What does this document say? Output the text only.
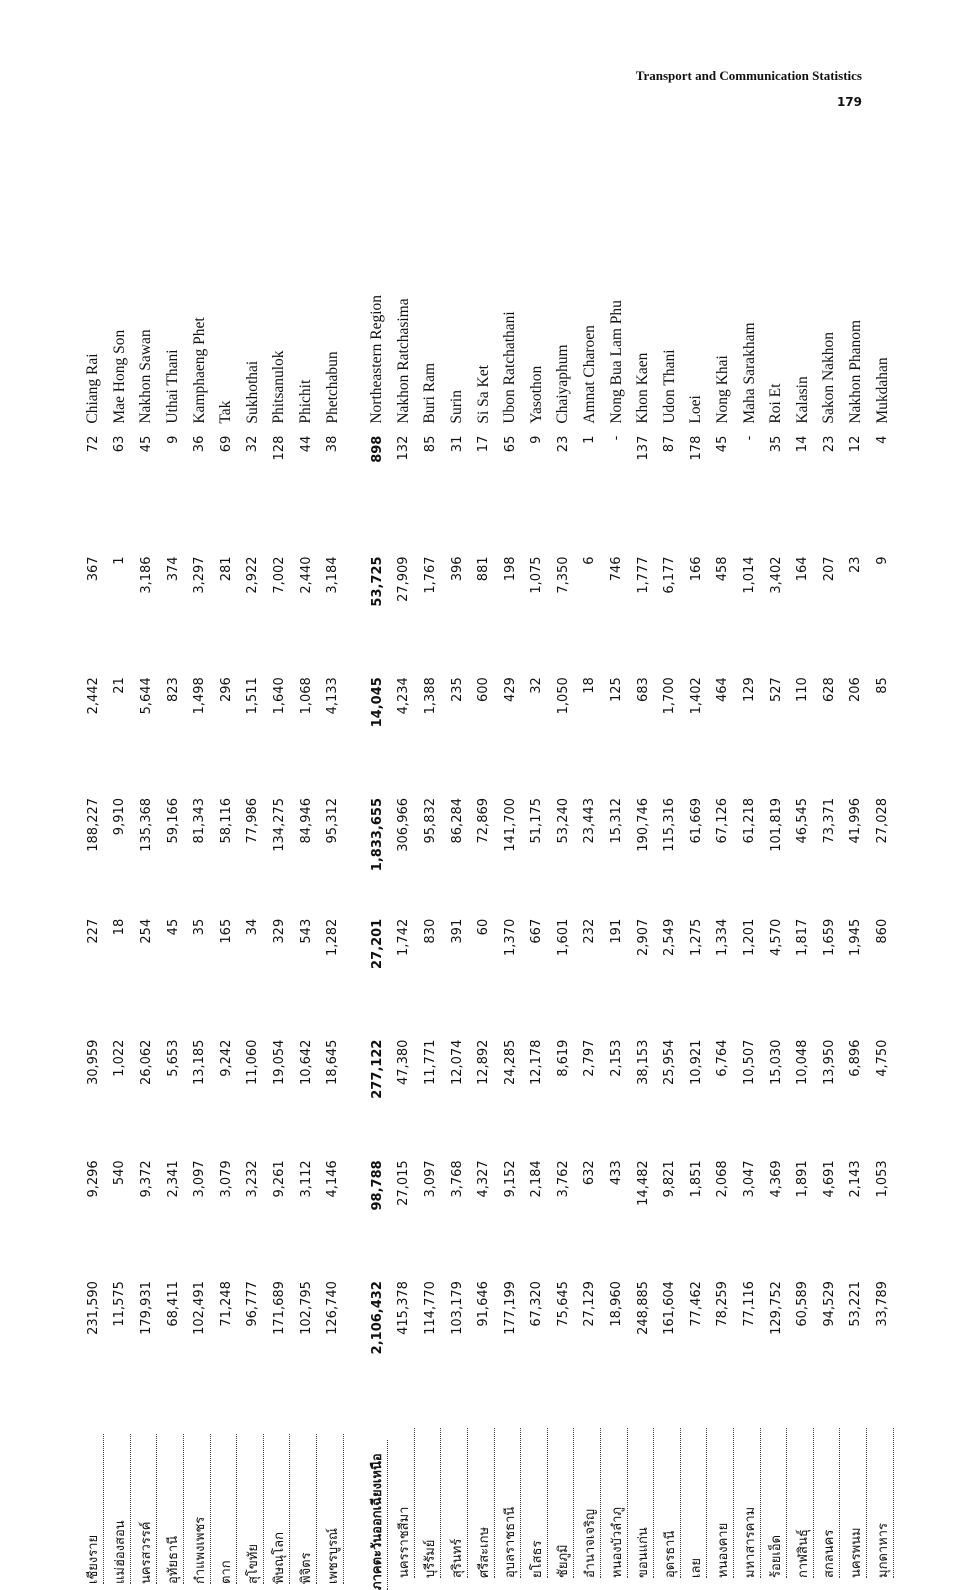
Transport and Communication Statistics
179
เชียงราย	231,590	9,296	30,959	227	188,227	2,442	367	72	Chiang Rai
แม่ฮ่องสอน	11,575	540	1,022	18	9,910	21	1	63	Mae Hong Son
นครสวรรค์	179,931	9,372	26,062	254	135,368	5,644	3,186	45	Nakhon Sawan
อุทัยธานี	68,411	2,341	5,653	45	59,166	823	374	9	Uthai Thani
กำแพงเพชร	102,491	3,097	13,185	35	81,343	1,498	3,297	36	Kamphaeng Phet
ตาก	71,248	3,079	9,242	165	58,116	296	281	69	Tak
สุโขทัย	96,777	3,232	11,060	34	77,986	1,511	2,922	32	Sukhothai
พิษณุโลก	171,689	9,261	19,054	329	134,275	1,640	7,002	128	Phitsanulok
พิจิตร	102,795	3,112	10,642	543	84,946	1,068	2,440	44	Phichit
เพชรบูรณ์	126,740	4,146	18,645	1,282	95,312	4,133	3,184	38	Phetchabun

ภาคตะวันออกเฉียงเหนือ	2,106,432	98,788	277,122	27,201	1,833,655	14,045	53,725	898	Northeastern Region
นครราชสีมา	415,378	27,015	47,380	1,742	306,966	4,234	27,909	132	Nakhon Ratchasima
บุรีรัมย์	114,770	3,097	11,771	830	95,832	1,388	1,767	85	Buri Ram
สุรินทร์	103,179	3,768	12,074	391	86,284	235	396	31	Surin
ศรีสะเกษ	91,646	4,327	12,892	60	72,869	600	881	17	Si Sa Ket
อุบลราชธานี	177,199	9,152	24,285	1,370	141,700	429	198	65	Ubon Ratchathani
ยโสธร	67,320	2,184	12,178	667	51,175	32	1,075	9	Yasothon
ชัยภูมิ	75,645	3,762	8,619	1,601	53,240	1,050	7,350	23	Chaiyaphum
อำนาจเจริญ	27,129	632	2,797	232	23,443	18	6	1	Amnat Charoen
หนองบัวลำภู	18,960	433	2,153	191	15,312	125	746	-	Nong Bua Lam Phu
ขอนแก่น	248,885	14,482	38,153	2,907	190,746	683	1,777	137	Khon Kaen
อุดรธานี	161,604	9,821	25,954	2,549	115,316	1,700	6,177	87	Udon Thani
เลย	77,462	1,851	10,921	1,275	61,669	1,402	166	178	Loei
หนองคาย	78,259	2,068	6,764	1,334	67,126	464	458	45	Nong Khai
มหาสารคาม	77,116	3,047	10,507	1,201	61,218	129	1,014	-	Maha Sarakham
ร้อยเอ็ด	129,752	4,369	15,030	4,570	101,819	527	3,402	35	Roi Et
กาฬสินธุ์	60,589	1,891	10,048	1,817	46,545	110	164	14	Kalasin
สกลนคร	94,529	4,691	13,950	1,659	73,371	628	207	23	Sakon Nakhon
นครพนม	53,221	2,143	6,896	1,945	41,996	206	23	12	Nakhon Phanom
มุกดาหาร	33,789	1,053	4,750	860	27,028	85	9	4	Mukdahan
